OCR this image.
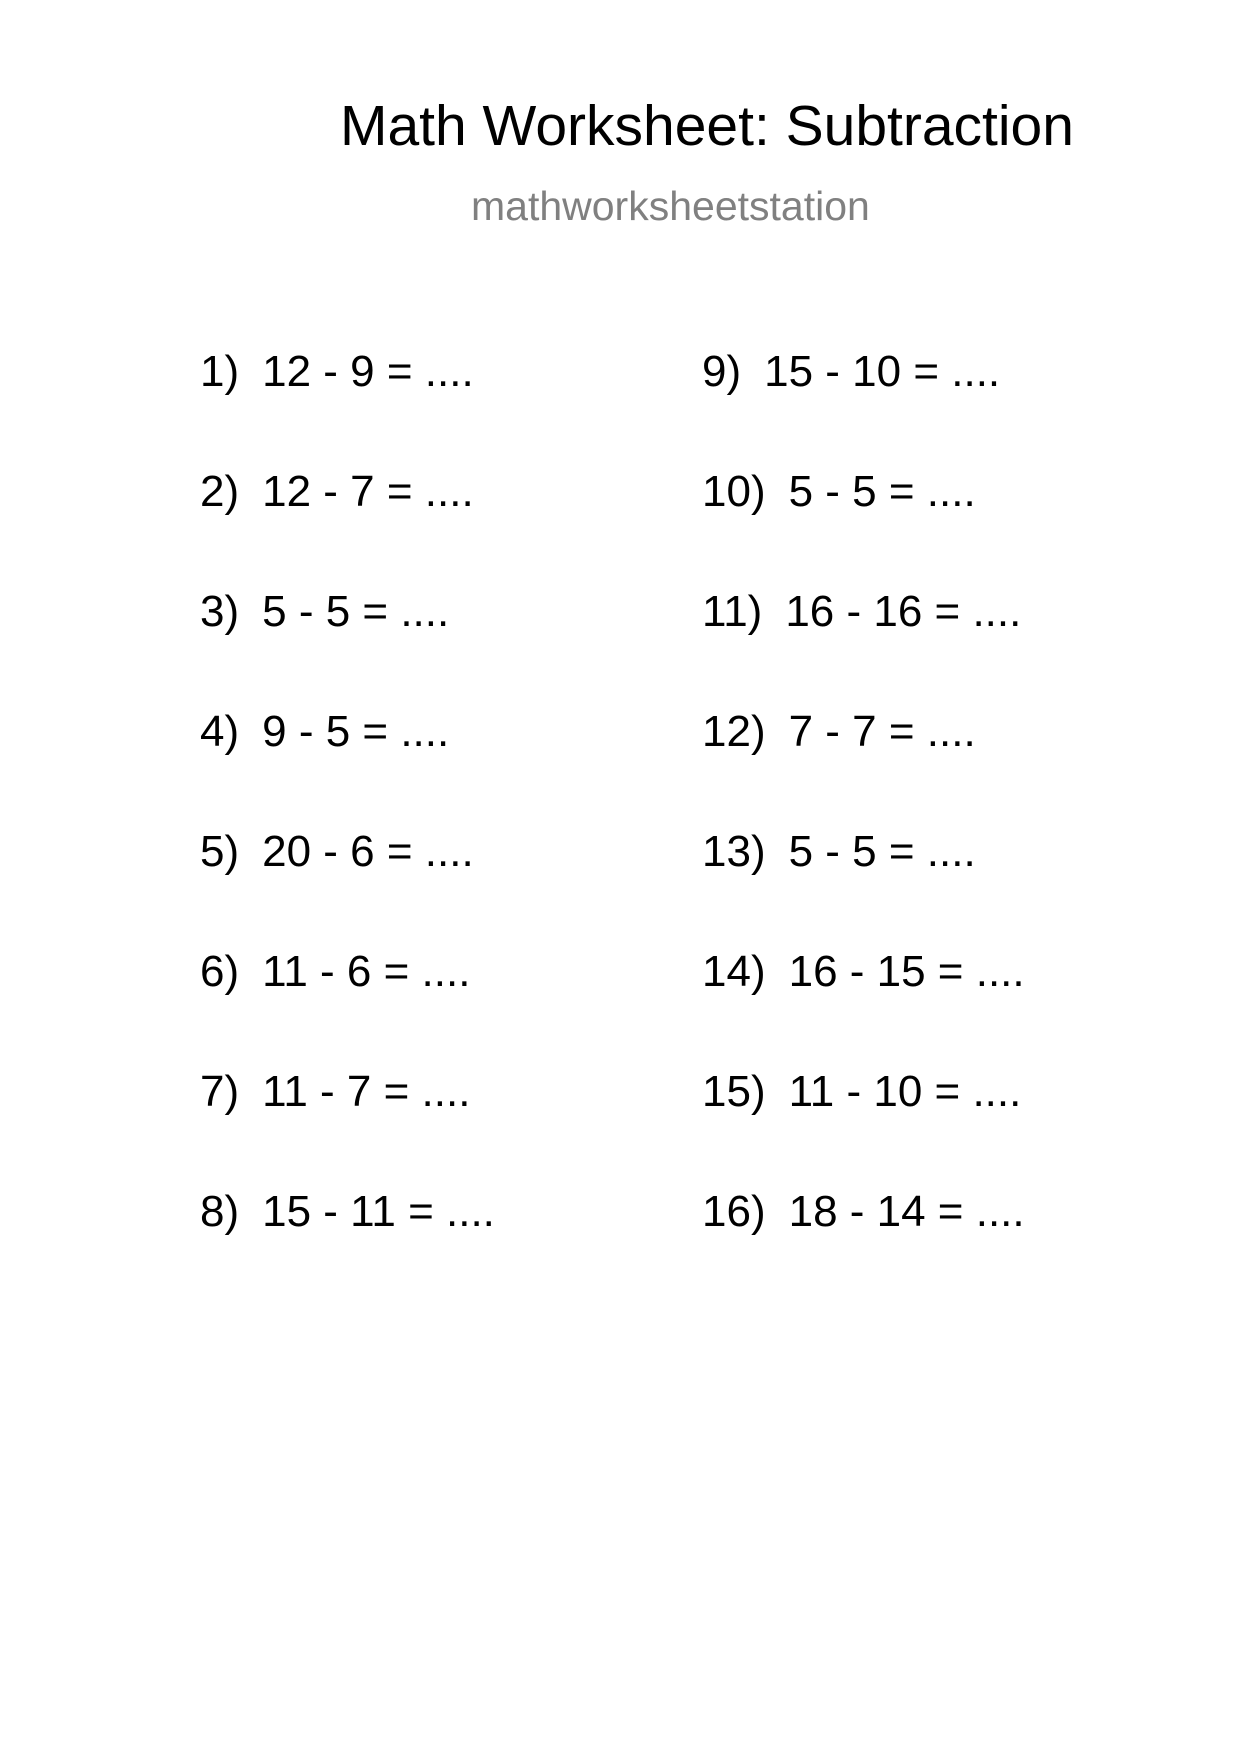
Math Worksheet: Subtraction
mathworksheetstation
1) 12 - 9 = ....
2) 12 - 7 = ....
3) 5 - 5 = ....
4) 9 - 5 = ....
5) 20 - 6 = ....
6) 11 - 6 = ....
7) 11 - 7 = ....
8) 15 - 11 = ....
9) 15 - 10 = ....
10) 5 - 5 = ....
11) 16 - 16 = ....
12) 7 - 7 = ....
13) 5 - 5 = ....
14) 16 - 15 = ....
15) 11 - 10 = ....
16) 18 - 14 = ....
